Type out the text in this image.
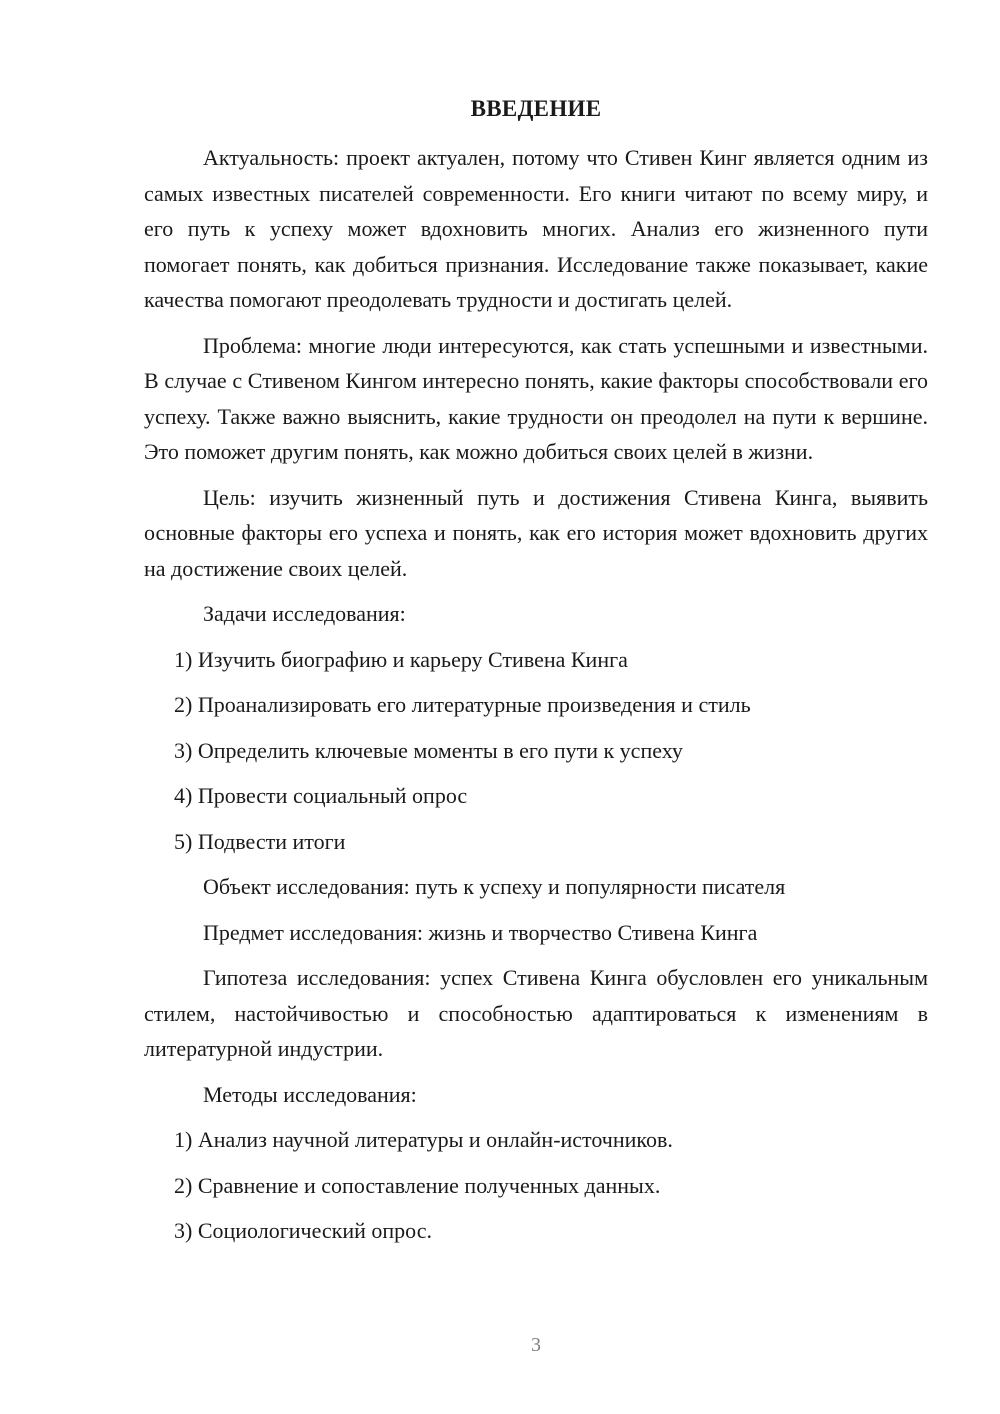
ВВЕДЕНИЕ

Актуальность: проект актуален, потому что Стивен Кинг является одним из самых известных писателей современности. Его книги читают по всему миру, и его путь к успеху может вдохновить многих. Анализ его жизненного пути помогает понять, как добиться признания. Исследование также показывает, какие качества помогают преодолевать трудности и достигать целей.

Проблема: многие люди интересуются, как стать успешными и известными. В случае с Стивеном Кингом интересно понять, какие факторы способствовали его успеху. Также важно выяснить, какие трудности он преодолел на пути к вершине. Это поможет другим понять, как можно добиться своих целей в жизни.

Цель: изучить жизненный путь и достижения Стивена Кинга, выявить основные факторы его успеха и понять, как его история может вдохновить других на достижение своих целей.

Задачи исследования:

1) Изучить биографию и карьеру Стивена Кинга

2) Проанализировать его литературные произведения и стиль

3) Определить ключевые моменты в его пути к успеху

4) Провести социальный опрос

5) Подвести итоги

Объект исследования: путь к успеху и популярности писателя

Предмет исследования: жизнь и творчество Стивена Кинга

Гипотеза исследования: успех Стивена Кинга обусловлен его уникальным стилем, настойчивостью и способностью адаптироваться к изменениям в литературной индустрии.

Методы исследования:

1) Анализ научной литературы и онлайн-источников.

2) Сравнение и сопоставление полученных данных.

3) Социологический опрос.

3
